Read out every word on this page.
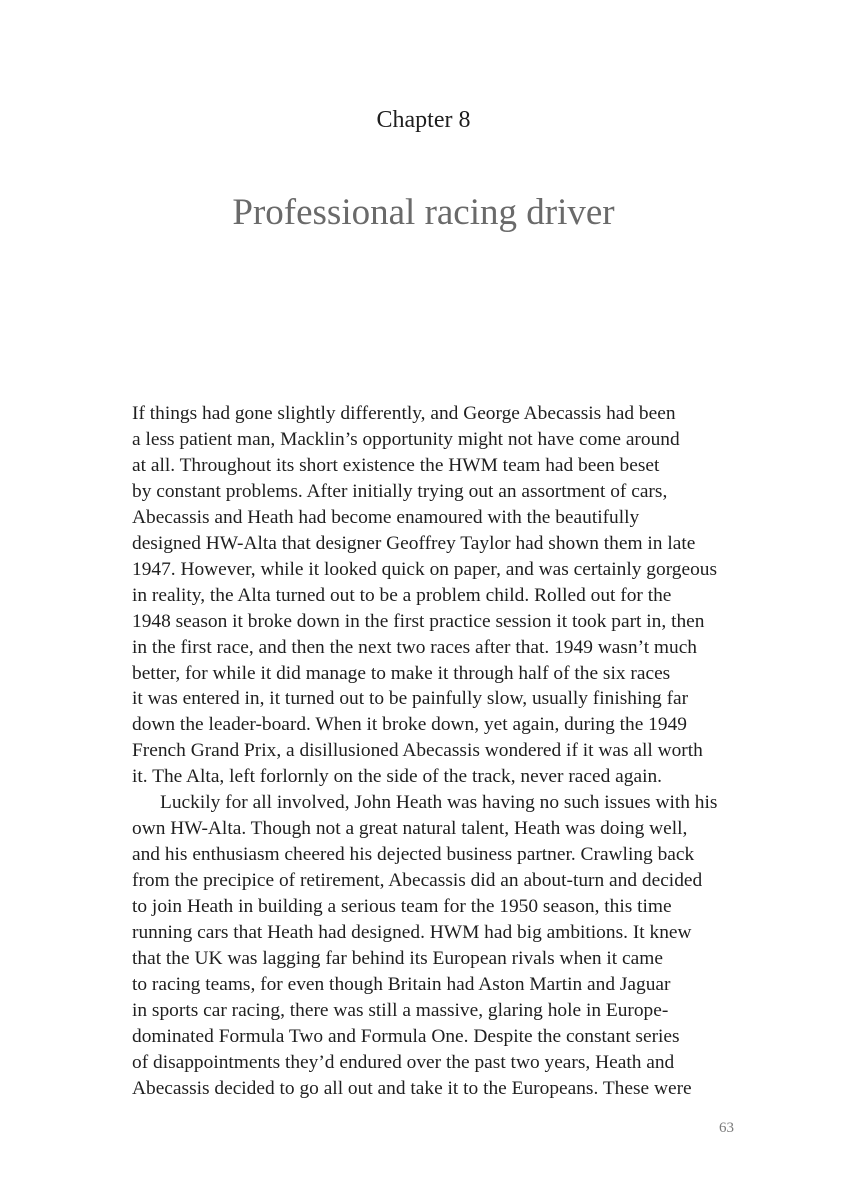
Chapter 8
Professional racing driver
If things had gone slightly differently, and George Abecassis had been
a less patient man, Macklin’s opportunity might not have come around
at all. Throughout its short existence the HWM team had been beset
by constant problems. After initially trying out an assortment of cars,
Abecassis and Heath had become enamoured with the beautifully
designed HW-Alta that designer Geoffrey Taylor had shown them in late
1947. However, while it looked quick on paper, and was certainly gorgeous
in reality, the Alta turned out to be a problem child. Rolled out for the
1948 season it broke down in the first practice session it took part in, then
in the first race, and then the next two races after that. 1949 wasn’t much
better, for while it did manage to make it through half of the six races
it was entered in, it turned out to be painfully slow, usually finishing far
down the leader-board. When it broke down, yet again, during the 1949
French Grand Prix, a disillusioned Abecassis wondered if it was all worth
it. The Alta, left forlornly on the side of the track, never raced again.
Luckily for all involved, John Heath was having no such issues with his
own HW-Alta. Though not a great natural talent, Heath was doing well,
and his enthusiasm cheered his dejected business partner. Crawling back
from the precipice of retirement, Abecassis did an about-turn and decided
to join Heath in building a serious team for the 1950 season, this time
running cars that Heath had designed. HWM had big ambitions. It knew
that the UK was lagging far behind its European rivals when it came
to racing teams, for even though Britain had Aston Martin and Jaguar
in sports car racing, there was still a massive, glaring hole in Europe-
dominated Formula Two and Formula One. Despite the constant series
of disappointments they’d endured over the past two years, Heath and
Abecassis decided to go all out and take it to the Europeans. These were
63
